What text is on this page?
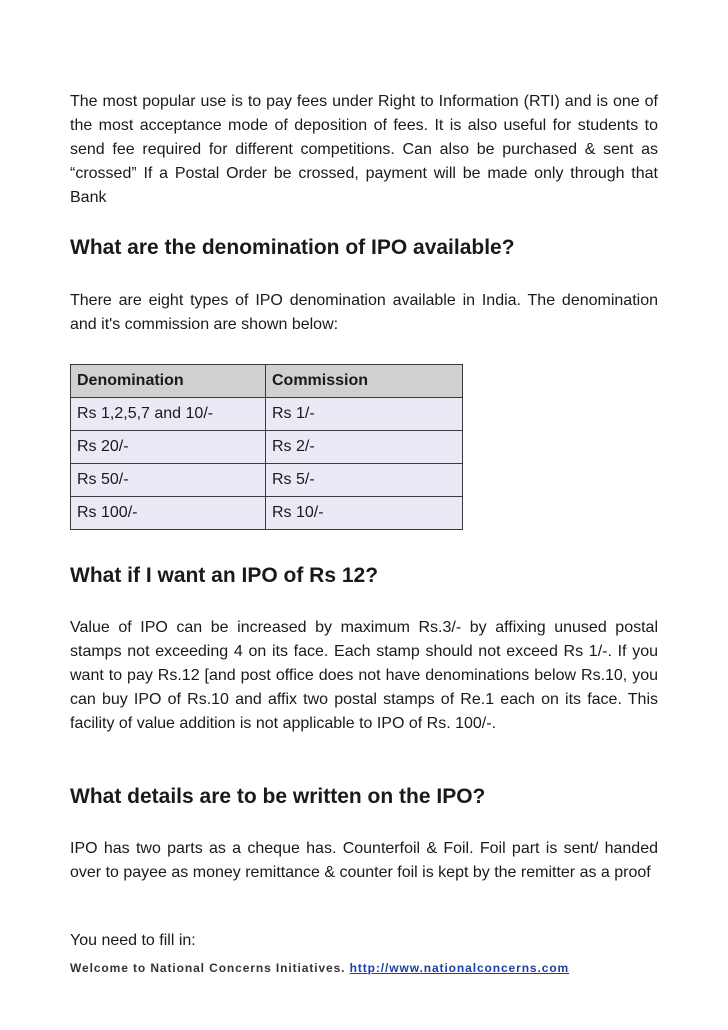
The most popular use is to pay fees under Right to Information (RTI) and is one of the most acceptance mode of deposition of fees. It is also useful for students to send fee required for different competitions. Can also be purchased & sent as “crossed” If a Postal Order be crossed, payment will be made only through that Bank

What are the denomination of IPO available?

There are eight types of IPO denomination available in India. The denomination and it's commission are shown below:

Denomination	Commission
Rs 1,2,5,7 and 10/-	Rs 1/-
Rs 20/-	Rs 2/-
Rs 50/-	Rs 5/-
Rs 100/-	Rs 10/-
What if I want an IPO of Rs 12?

Value of IPO can be increased by maximum Rs.3/- by affixing unused postal stamps not exceeding 4 on its face. Each stamp should not exceed Rs 1/-. If you want to pay Rs.12 [and post office does not have denominations below Rs.10, you can buy IPO of Rs.10 and affix two postal stamps of Re.1 each on its face. This facility of value addition is not applicable to IPO of Rs. 100/-.

What details are to be written on the IPO?

IPO has two parts as a cheque has. Counterfoil & Foil. Foil part is sent/ handed over to payee as money remittance & counter foil is kept by the remitter as a proof

You need to fill in:

Welcome to National Concerns Initiatives. http://www.nationalconcerns.com
